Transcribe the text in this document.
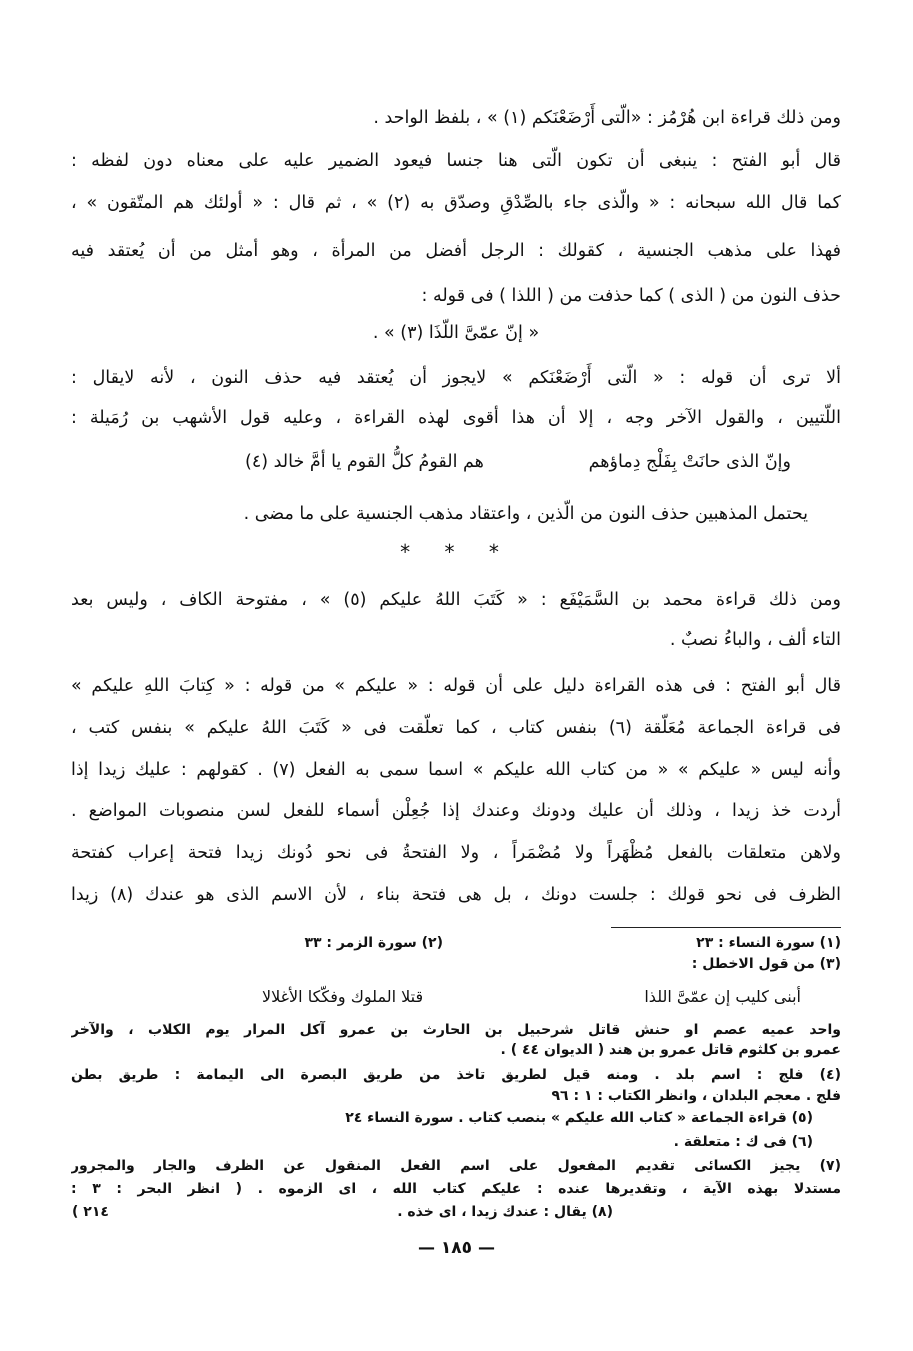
ومن ذلك قراءة ابن هُرْمُز : «الّتى أَرْضَعْنَكم (١) » ، بلفظ الواحد .
قال أبو الفتح : ينبغى أن تكون الّتى هنا جنسا فيعود الضمير عليه على معناه دون لفظه :
كما قال الله سبحانه : « والّذى جاء بالصِّدْقِ وصدّق به (٢) » ، ثم قال : « أولئك هم المتّقون » ،
فهذا على مذهب الجنسية ، كقولك : الرجل أفضل من المرأة ، وهو أمثل من أن يُعتقد فيه
حذف النون من ( الذى ) كما حذفت من ( اللذا ) فى قوله :
« إنّ عمّىَّ اللّذَا (٣) » .
ألا ترى أن قوله : « الّتى أَرْضَعْنَكم » لايجوز أن يُعتقد فيه حذف النون ، لأنه لايقال :
اللّتيين ، والقول الآخر وجه ، إلا أن هذا أقوى لهذه القراءة ، وعليه قول الأشهب بن رُمَيلة :
وإنّ الذى حانَتْ بِفَلْج دِماؤهم
هم القومُ كلُّ القوم يا أمَّ خالد (٤)
يحتمل المذهبين حذف النون من الّذين ، واعتقاد مذهب الجنسية على ما مضى .
* * *
ومن ذلك قراءة محمد بن السَّمَيْفَع : « كَتَبَ اللهُ عليكم (٥) » ، مفتوحة الكاف ، وليس بعد
التاء ألف ، والباءُ نصبٌ .
قال أبو الفتح : فى هذه القراءة دليل على أن قوله : « عليكم » من قوله : « كِتابَ اللهِ عليكم »
فى قراءة الجماعة مُعَلّقة (٦) بنفس كتاب ، كما تعلّقت فى « كَتَبَ اللهُ عليكم » بنفس كتب ،
وأنه ليس « عليكم » « من كتاب الله عليكم » اسما سمى به الفعل (٧) . كقولهم : عليك زيدا إذا
أردت خذ زيدا ، وذلك أن عليك ودونك وعندك إذا جُعِلْن أسماء للفعل لسن منصوبات المواضع .
ولاهن متعلقات بالفعل مُظْهَراً ولا مُضْمَراً ، ولا الفتحةُ فى نحو دُونك زيدا فتحة إعراب كفتحة
الظرف فى نحو قولك : جلست دونك ، بل هى فتحة بناء ، لأن الاسم الذى هو عندك (٨) زيدا
(١) سورة النساء : ٢٣
(٢) سورة الزمر : ٣٣
(٣) من قول الاخطل :
أبنى كليب إن عمّىَّ اللذا
قتلا الملوك وفكّكا الأغلالا
واحد عميه عصم او حنش قاتل شرحبيل بن الحارث بن عمرو آكل المرار يوم الكلاب ، والآخر
عمرو بن كلثوم قاتل عمرو بن هند ( الديوان ٤٤ ) .
(٤) فلج : اسم بلد . ومنه قيل لطريق تاخذ من طريق البصرة الى اليمامة : طريق بطن
فلج . معجم البلدان ، وانظر الكتاب : ١ : ٩٦
(٥) قراءة الجماعة « كتاب الله عليكم » بنصب كتاب . سورة النساء ٢٤
(٦) فى ك : متعلقة .
(٧) يجيز الكسائى تقديم المفعول على اسم الفعل المنقول عن الظرف والجار والمجرور
مستدلا بهذه الآية ، وتقديرها عنده : عليكم كتاب الله ، اى الزموه . ( انظر البحر : ٣ :
٢١٤ )	(٨) يقال : عندك زيدا ، اى خذه .
— ١٨٥ —
